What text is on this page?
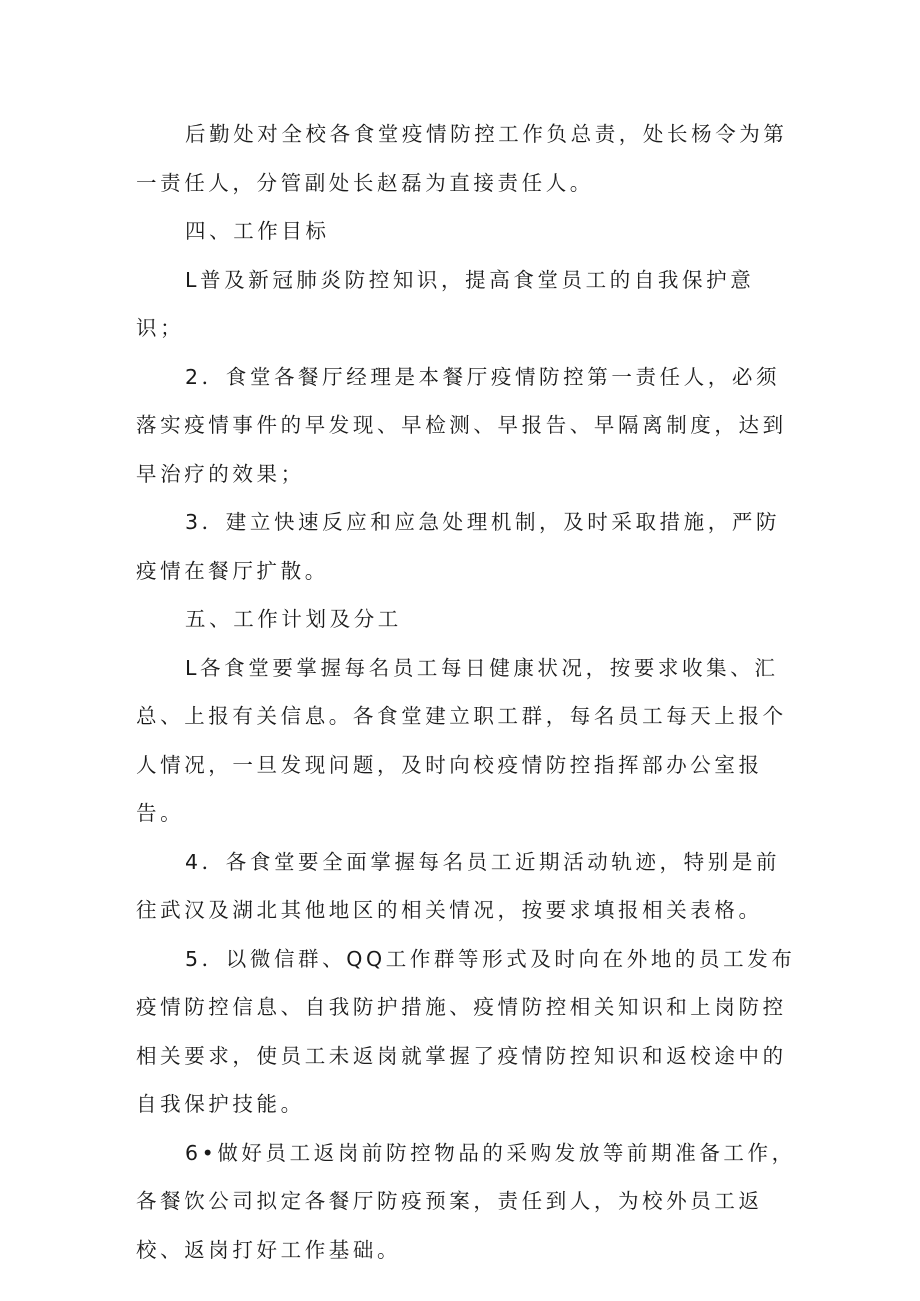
后勤处对全校各食堂疫情防控工作负总责，处长杨令为第一责任人，分管副处长赵磊为直接责任人。

四、工作目标

L普及新冠肺炎防控知识，提高食堂员工的自我保护意识；

2．食堂各餐厅经理是本餐厅疫情防控第一责任人，必须落实疫情事件的早发现、早检测、早报告、早隔离制度，达到早治疗的效果；

3．建立快速反应和应急处理机制，及时采取措施，严防疫情在餐厅扩散。

五、工作计划及分工

L各食堂要掌握每名员工每日健康状况，按要求收集、汇总、上报有关信息。各食堂建立职工群，每名员工每天上报个人情况，一旦发现问题，及时向校疫情防控指挥部办公室报告。

4．各食堂要全面掌握每名员工近期活动轨迹，特别是前往武汉及湖北其他地区的相关情况，按要求填报相关表格。

5．以微信群、QQ工作群等形式及时向在外地的员工发布疫情防控信息、自我防护措施、疫情防控相关知识和上岗防控相关要求，使员工未返岗就掌握了疫情防控知识和返校途中的自我保护技能。

6•做好员工返岗前防控物品的采购发放等前期准备工作，各餐饮公司拟定各餐厅防疫预案，责任到人，为校外员工返校、返岗打好工作基础。
